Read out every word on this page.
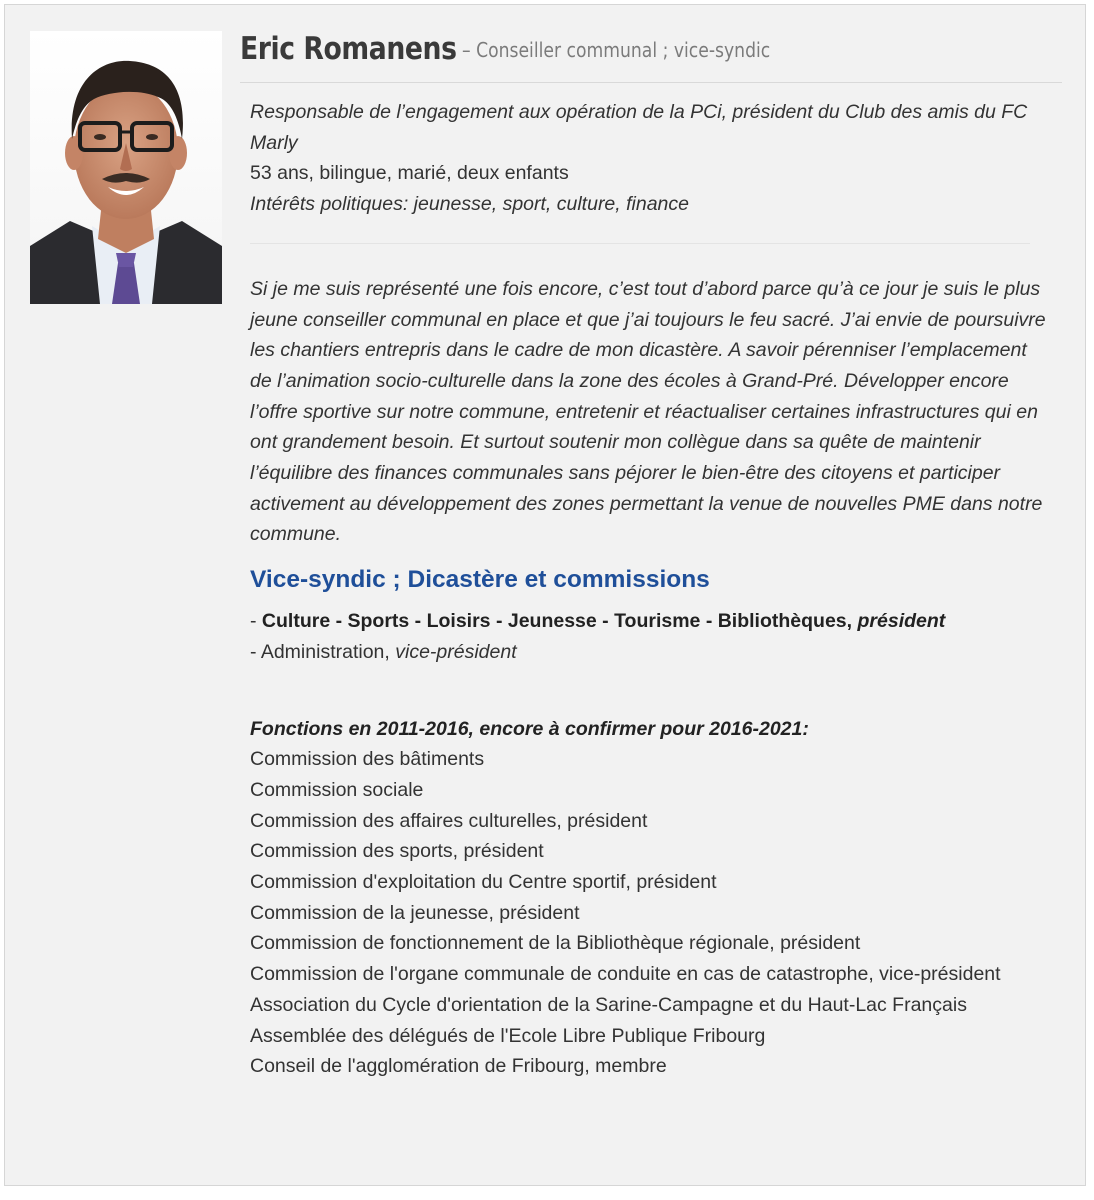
Eric Romanens – Conseiller communal ; vice-syndic

Responsable de l’engagement aux opération de la PCi, président du Club des amis du FC Marly

53 ans, bilingue, marié, deux enfants

Intérêts politiques: jeunesse, sport, culture, finance

Si je me suis représenté une fois encore, c’est tout d’abord parce qu’à ce jour je suis le plus jeune conseiller communal en place et que j’ai toujours le feu sacré. J’ai envie de poursuivre les chantiers entrepris dans le cadre de mon dicastère. A savoir pérenniser l’emplacement de l’animation socio-culturelle dans la zone des écoles à Grand-Pré. Développer encore l’offre sportive sur notre commune, entretenir et réactualiser certaines infrastructures qui en ont grandement besoin. Et surtout soutenir mon collègue dans sa quête de maintenir l’équilibre des finances communales sans péjorer le bien-être des citoyens et participer activement au développement des zones permettant la venue de nouvelles PME dans notre commune.

Vice-syndic ; Dicastère et commissions

- Culture - Sports - Loisirs - Jeunesse - Tourisme - Bibliothèques, président

- Administration, vice-président

Fonctions en 2011-2016, encore à confirmer pour 2016-2021:

Commission des bâtiments

Commission sociale

Commission des affaires culturelles, président

Commission des sports, président

Commission d'exploitation du Centre sportif, président

Commission de la jeunesse, président

Commission de fonctionnement de la Bibliothèque régionale, président

Commission de l'organe communale de conduite en cas de catastrophe, vice-président

Association du Cycle d'orientation de la Sarine-Campagne et du Haut-Lac Français

Assemblée des délégués de l'Ecole Libre Publique Fribourg

Conseil de l'agglomération de Fribourg, membre
